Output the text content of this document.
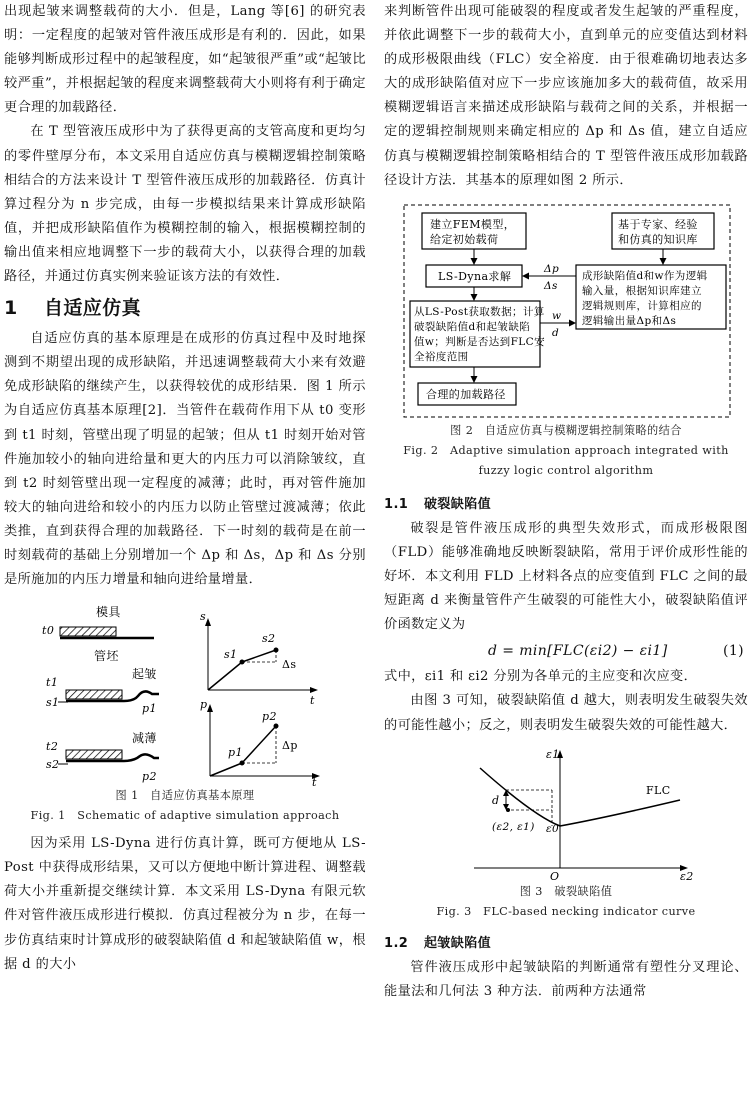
出现起皱来调整载荷的大小．但是，Lang 等[6] 的研究表明：一定程度的起皱对管件液压成形是有利的．因此，如果能够判断成形过程中的起皱程度，如“起皱很严重”或“起皱比较严重”，并根据起皱的程度来调整载荷大小则将有利于确定更合理的加载路径．

在 T 型管液压成形中为了获得更高的支管高度和更均匀的零件壁厚分布，本文采用自适应仿真与模糊逻辑控制策略相结合的方法来设计 T 型管件液压成形的加载路径．仿真计算过程分为 n 步完成，由每一步模拟结果来计算成形缺陷值，并把成形缺陷值作为模糊控制的输入，根据模糊控制的输出值来相应地调整下一步的载荷大小，以获得合理的加载路径，并通过仿真实例来验证该方法的有效性．

1 自适应仿真

自适应仿真的基本原理是在成形的仿真过程中及时地探测到不期望出现的成形缺陷，并迅速调整载荷大小来有效避免成形缺陷的继续产生，以获得较优的成形结果．图 1 所示为自适应仿真基本原理[2]．当管件在载荷作用下从 t0 变形到 t1 时刻，管壁出现了明显的起皱；但从 t1 时刻开始对管件施加较小的轴向进给量和更大的内压力可以消除皱纹，直到 t2 时刻管壁出现一定程度的减薄；此时，再对管件施加较大的轴向进给和较小的内压力以防止管壁过渡减薄；依此类推，直到获得合理的加载路径．下一时刻的载荷是在前一时刻载荷的基础上分别增加一个 Δp 和 Δs，Δp 和 Δs 分别是所施加的内压力增量和轴向进给量增量．

模具
t0
管坯
起皱
t1
s1	p1
减薄
t2
s2
p2
s
t
s1
s2
Δs
p
t
p1
p2
Δp

图 1　自适应仿真基本原理

Fig. 1　Schematic of adaptive simulation approach

因为采用 LS-Dyna 进行仿真计算，既可方便地从 LS-Post 中获得成形结果，又可以方便地中断计算进程、调整载荷大小并重新提交继续计算．本文采用 LS-Dyna 有限元软件对管件液压成形进行模拟．仿真过程被分为 n 步，在每一步仿真结束时计算成形的破裂缺陷值 d 和起皱缺陷值 w，根据 d 的大小

来判断管件出现可能破裂的程度或者发生起皱的严重程度，并依此调整下一步的载荷大小，直到单元的应变值达到材料的成形极限曲线（FLC）安全裕度．由于很难确切地表达多大的成形缺陷值对应下一步应该施加多大的载荷值，故采用模糊逻辑语言来描述成形缺陷与载荷之间的关系，并根据一定的逻辑控制规则来确定相应的 Δp 和 Δs 值，建立自适应仿真与模糊逻辑控制策略相结合的 T 型管件液压成形加载路径设计方法．其基本的原理如图 2 所示．

建立FEM模型，
给定初始载荷
基于专家、经验
和仿真的知识库
LS-Dyna求解	成形缺陷值d和w作为逻辑
输入量，根据知识库建立
逻辑规则库，计算相应的
逻辑输出量Δp和Δs
从LS-Post获取数据；计算
破裂缺陷值d和起皱缺陷
值w；判断是否达到FLC安
全裕度范围
合理的加载路径
Δp
Δs
w
d

图 2　自适应仿真与模糊逻辑控制策略的结合

Fig. 2　Adaptive simulation approach integrated with

fuzzy logic control algorithm

1.1 破裂缺陷值

破裂是管件液压成形的典型失效形式，而成形极限图（FLD）能够准确地反映断裂缺陷，常用于评价成形性能的好坏．本文利用 FLD 上材料各点的应变值到 FLC 之间的最短距离 d 来衡量管件产生破裂的可能性大小，破裂缺陷值评价函数定义为

d = min[FLC(εi2) − εi1]	(1)

式中，εi1 和 εi2 分别为各单元的主应变和次应变．

由图 3 可知，破裂缺陷值 d 越大，则表明发生破裂失效的可能性越小；反之，则表明发生破裂失效的可能性越大．

ε1
ε2
O
FLC
d
(ε2, ε1) ε0

图 3　破裂缺陷值

Fig. 3　FLC-based necking indicator curve

1.2 起皱缺陷值

管件液压成形中起皱缺陷的判断通常有塑性分叉理论、能量法和几何法 3 种方法．前两种方法通常
